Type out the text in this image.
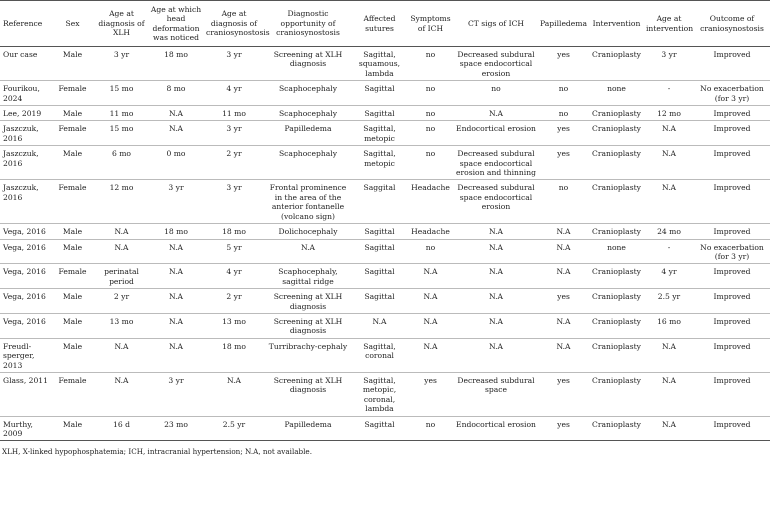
Reference	Sex	Age at diagnosis of XLH	Age at which head deformation was noticed	Age at diagnosis of craniosynostosis	Diagnostic opportunity of craniosynostosis	Affected sutures	Symptoms of ICH	CT sigs of ICH	Papilledema	Intervention	Age at intervention	Outcome of craniosynostosis
Our case	Male	3 yr	18 mo	3 yr	Screening at XLH diagnosis	Sagittal, squamous, lambda	no	Decreased subdural space endocortical erosion	yes	Cranioplasty	3 yr	Improved
Fourikou, 2024	Female	15 mo	8 mo	4 yr	Scaphocephaly	Sagittal	no	no	no	none	-	No exacerbation (for 3 yr)
Lee, 2019	Male	11 mo	N.A	11 mo	Scaphocephaly	Sagittal	no	N.A	no	Cranioplasty	12 mo	Improved
Jaszczuk, 2016	Female	15 mo	N.A	3 yr	Papilledema	Sagittal, metopic	no	Endocortical erosion	yes	Cranioplasty	N.A	Improved
Jaszczuk, 2016	Male	6 mo	0 mo	2 yr	Scaphocephaly	Sagittal, metopic	no	Decreased subdural space endocortical erosion and thinning	yes	Cranioplasty	N.A	Improved
Jaszczuk, 2016	Female	12 mo	3 yr	3 yr	Frontal prominence in the area of the anterior fontanelle (volcano sign)	Saggital	Headache	Decreased subdural space endocortical erosion	no	Cranioplasty	N.A	Improved
Vega, 2016	Male	N.A	18 mo	18 mo	Dolichocephaly	Sagittal	Headache	N.A	N.A	Cranioplasty	24 mo	Improved
Vega, 2016	Male	N.A	N.A	5 yr	N.A	Sagittal	no	N.A	N.A	none	-	No exacerbation (for 3 yr)
Vega, 2016	Female	perinatal period	N.A	4 yr	Scaphocephaly, sagittal ridge	Sagittal	N.A	N.A	N.A	Cranioplasty	4 yr	Improved
Vega, 2016	Male	2 yr	N.A	2 yr	Screening at XLH diagnosis	Sagittal	N.A	N.A	yes	Cranioplasty	2.5 yr	Improved
Vega, 2016	Male	13 mo	N.A	13 mo	Screening at XLH diagnosis	N.A	N.A	N.A	N.A	Cranioplasty	16 mo	Improved
Freudl-sperger, 2013	Male	N.A	N.A	18 mo	Turribrachy-cephaly	Sagittal, coronal	N.A	N.A	N.A	Cranioplasty	N.A	Improved
Glass, 2011	Female	N.A	3 yr	N.A	Screening at XLH diagnosis	Sagittal, metopic, coronal, lambda	yes	Decreased subdural space	yes	Cranioplasty	N.A	Improved
Murthy, 2009	Male	16 d	23 mo	2.5 yr	Papilledema	Sagittal	no	Endocortical erosion	yes	Cranioplasty	N.A	Improved
XLH, X-linked hypophosphatemia; ICH, intracranial hypertension; N.A, not available.
